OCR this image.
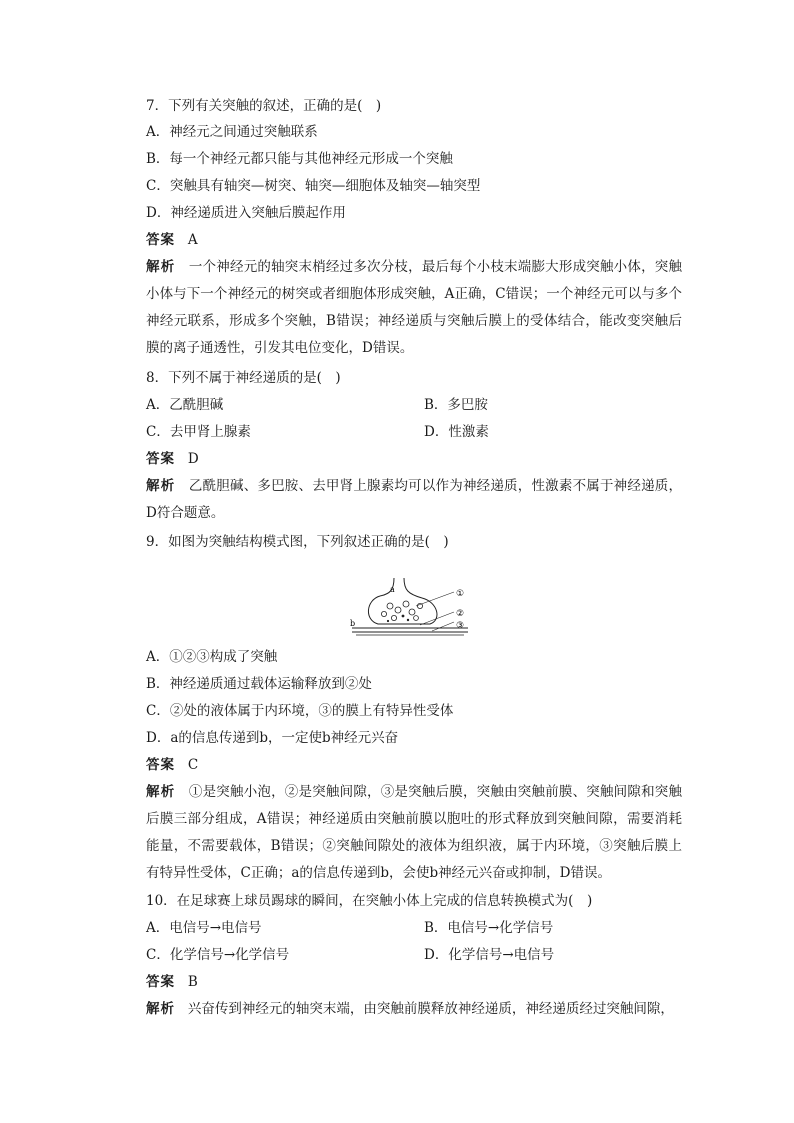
7．下列有关突触的叙述，正确的是(　)
A．神经元之间通过突触联系
B．每一个神经元都只能与其他神经元形成一个突触
C．突触具有轴突—树突、轴突—细胞体及轴突—轴突型
D．神经递质进入突触后膜起作用
答案 A
解析 一个神经元的轴突末梢经过多次分枝，最后每个小枝末端膨大形成突触小体，突触小体与下一个神经元的树突或者细胞体形成突触，A正确，C错误；一个神经元可以与多个神经元联系，形成多个突触，B错误；神经递质与突触后膜上的受体结合，能改变突触后膜的离子通透性，引发其电位变化，D错误。
8．下列不属于神经递质的是(　)
A．乙酰胆碱	B．多巴胺
C．去甲肾上腺素	D．性激素
答案 D
解析 乙酰胆碱、多巴胺、去甲肾上腺素均可以作为神经递质，性激素不属于神经递质，D符合题意。
9．如图为突触结构模式图，下列叙述正确的是(　)
a
b
①
②
③
A．①②③构成了突触
B．神经递质通过载体运输释放到②处
C．②处的液体属于内环境，③的膜上有特异性受体
D．a的信息传递到b，一定使b神经元兴奋
答案 C
解析 ①是突触小泡，②是突触间隙，③是突触后膜，突触由突触前膜、突触间隙和突触后膜三部分组成，A错误；神经递质由突触前膜以胞吐的形式释放到突触间隙，需要消耗能量，不需要载体，B错误；②突触间隙处的液体为组织液，属于内环境，③突触后膜上有特异性受体，C正确；a的信息传递到b，会使b神经元兴奋或抑制，D错误。
10．在足球赛上球员踢球的瞬间，在突触小体上完成的信息转换模式为(　)
A．电信号→电信号	B．电信号→化学信号
C．化学信号→化学信号	D．化学信号→电信号
答案 B
解析 兴奋传到神经元的轴突末端，由突触前膜释放神经递质，神经递质经过突触间隙，
